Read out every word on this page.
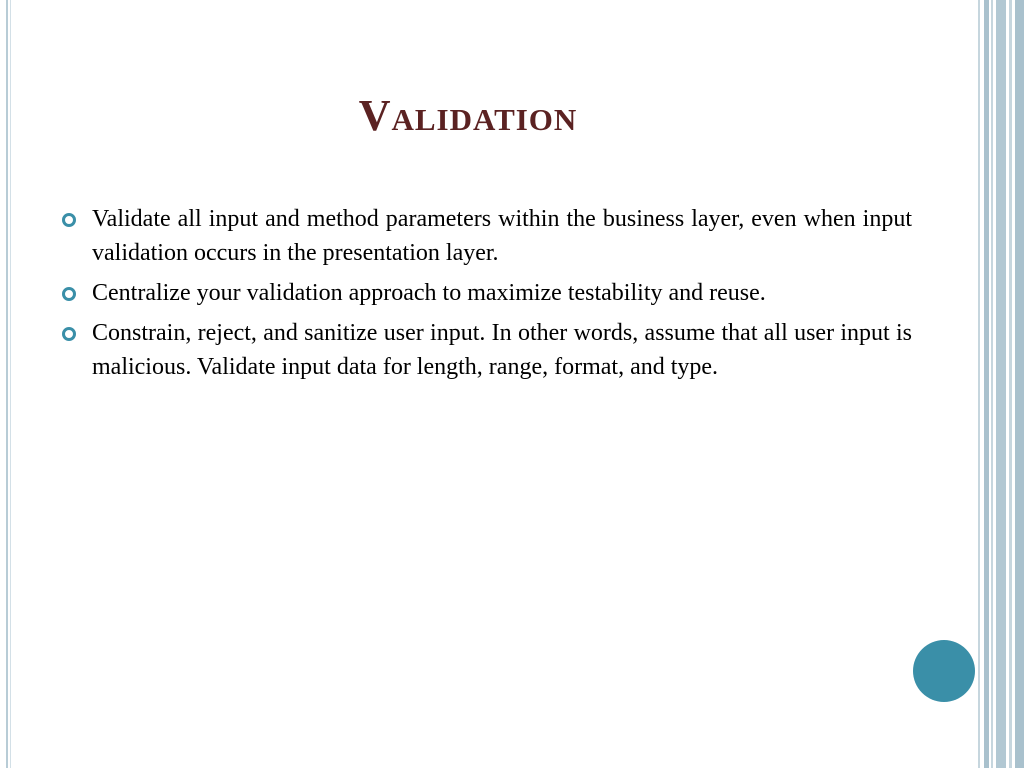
Validation
Validate all input and method parameters within the business layer, even when input validation occurs in the presentation layer.
Centralize your validation approach to maximize testability and reuse.
Constrain, reject, and sanitize user input. In other words, assume that all user input is malicious. Validate input data for length, range, format, and type.
